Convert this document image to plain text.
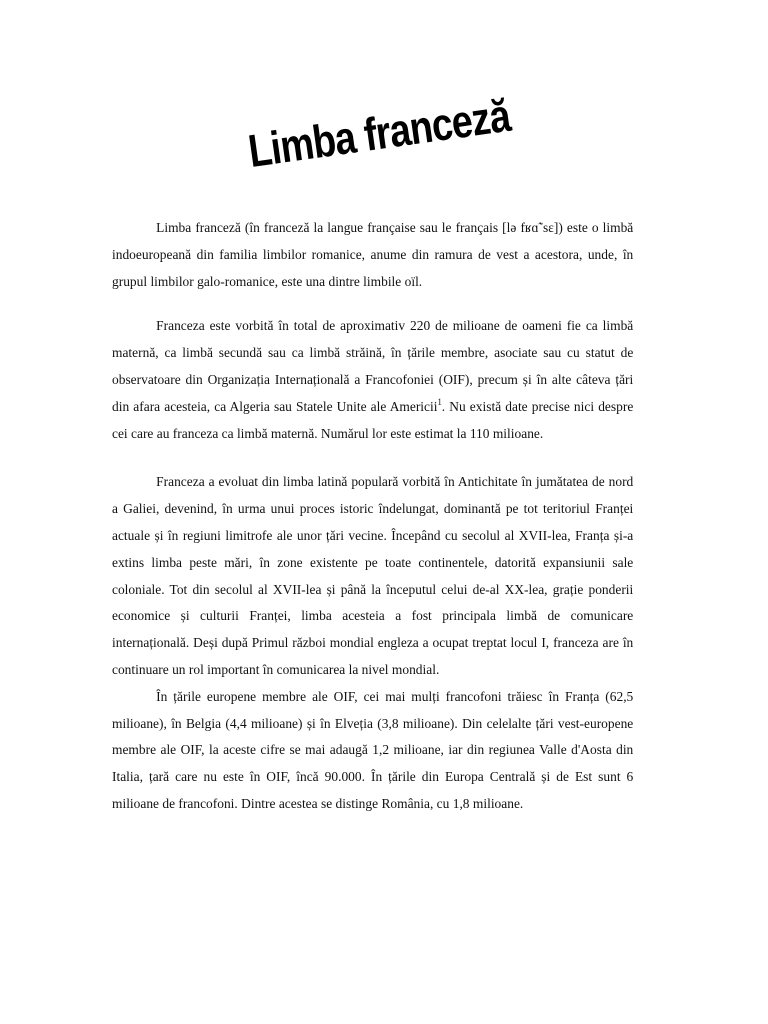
Limba franceză

Limba franceză (în franceză la langue française sau le français [lə fʁɑ̃ˈsɛ]) este o limbă indoeuropeană din familia limbilor romanice, anume din ramura de vest a acestora, unde, în grupul limbilor galo-romanice, este una dintre limbile oïl.

Franceza este vorbită în total de aproximativ 220 de milioane de oameni fie ca limbă maternă, ca limbă secundă sau ca limbă străină, în țările membre, asociate sau cu statut de observatoare din Organizația Internațională a Francofoniei (OIF), precum și în alte câteva țări din afara acesteia, ca Algeria sau Statele Unite ale Americii$^1$. Nu există date precise nici despre cei care au franceza ca limbă maternă. Numărul lor este estimat la 110 milioane.

Franceza a evoluat din limba latină populară vorbită în Antichitate în jumătatea de nord a Galiei, devenind, în urma unui proces istoric îndelungat, dominantă pe tot teritoriul Franței actuale și în regiuni limitrofe ale unor țări vecine. Începând cu secolul al XVII-lea, Franța și-a extins limba peste mări, în zone existente pe toate continentele, datorită expansiunii sale coloniale. Tot din secolul al XVII-lea și până la începutul celui de-al XX-lea, grație ponderii economice și culturii Franței, limba acesteia a fost principala limbă de comunicare internațională. Deși după Primul război mondial engleza a ocupat treptat locul I, franceza are în continuare un rol important în comunicarea la nivel mondial.

În țările europene membre ale OIF, cei mai mulți francofoni trăiesc în Franța (62,5 milioane), în Belgia (4,4 milioane) și în Elveția (3,8 milioane). Din celelalte țări vest-europene membre ale OIF, la aceste cifre se mai adaugă 1,2 milioane, iar din regiunea Valle d'Aosta din Italia, țară care nu este în OIF, încă 90.000. În țările din Europa Centrală și de Est sunt 6 milioane de francofoni. Dintre acestea se distinge România, cu 1,8 milioane.
